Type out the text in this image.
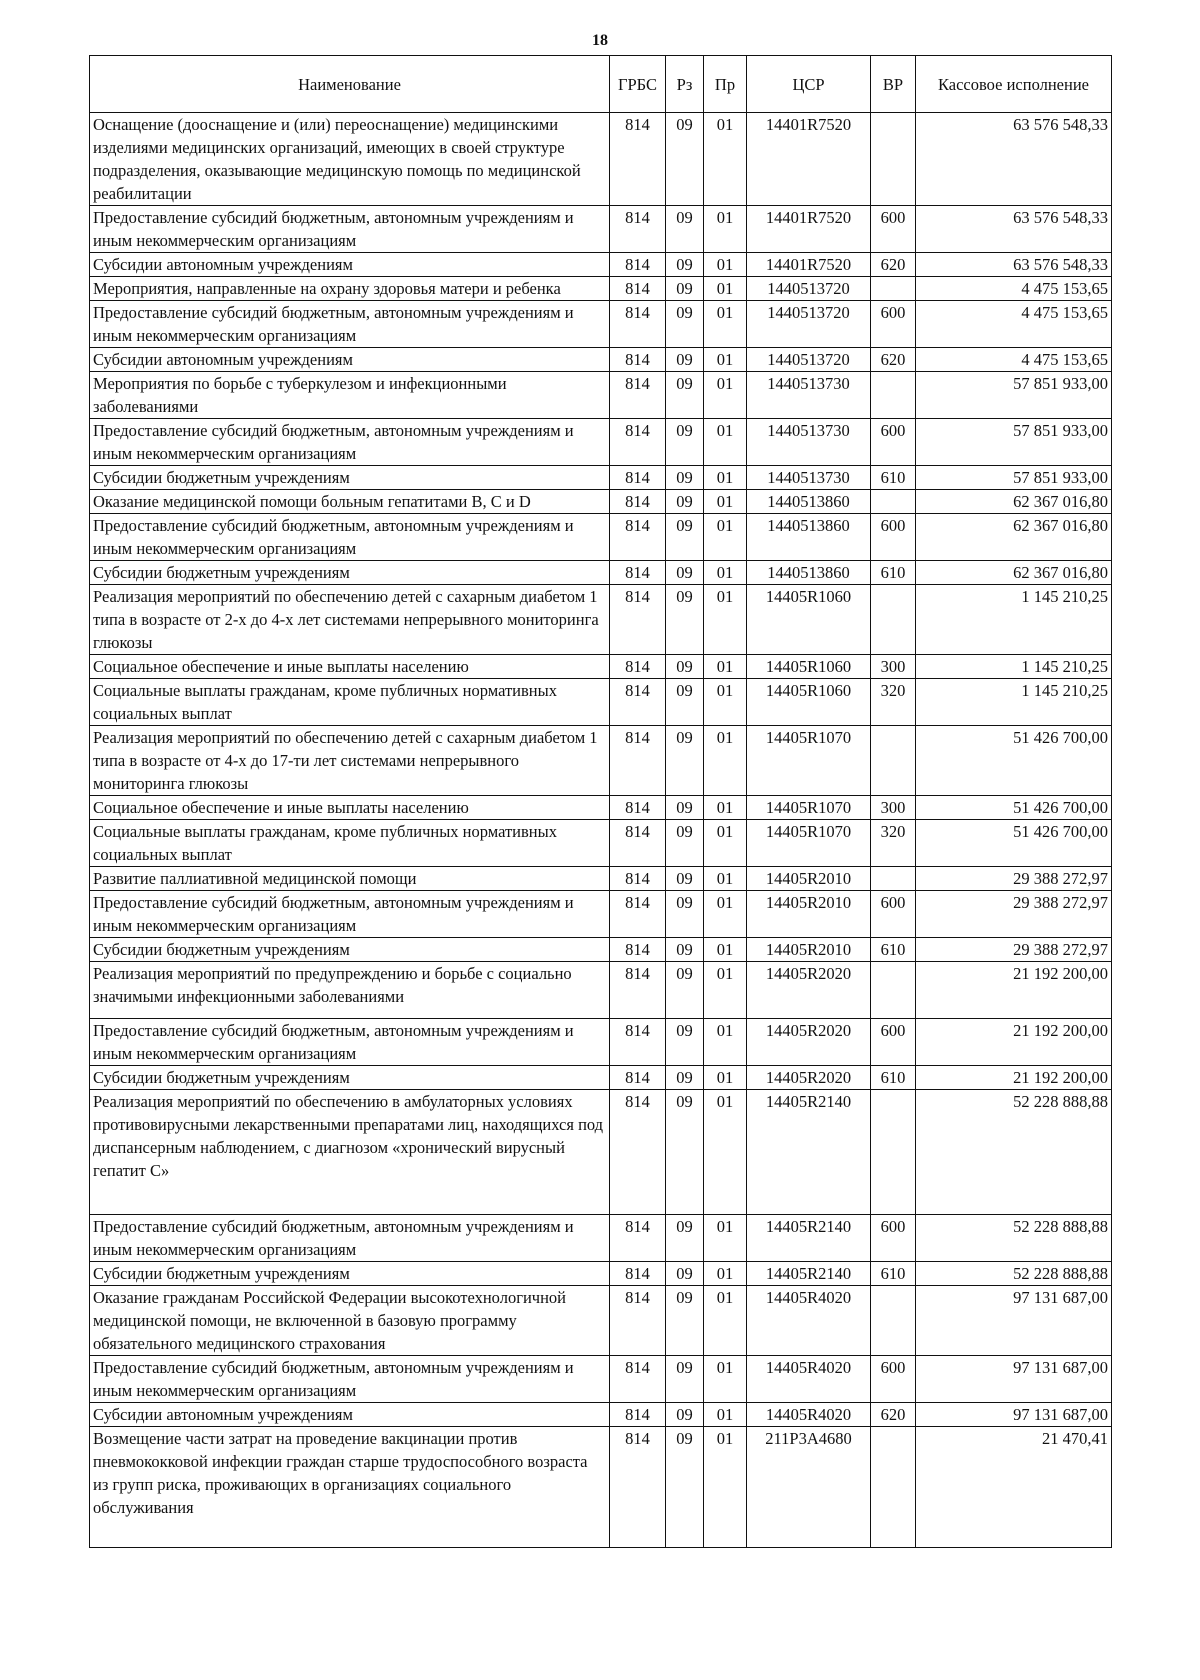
18
Наименование	ГРБС	Рз	Пр	ЦСР	ВР	Кассовое исполнение
Оснащение (дооснащение и (или) переоснащение) медицинскими изделиями медицинских организаций, имеющих в своей структуре подразделения, оказывающие медицинскую помощь по медицинской реабилитации	814	09	01	14401R7520		63 576 548,33
Предоставление субсидий бюджетным, автономным учреждениям и иным некоммерческим организациям	814	09	01	14401R7520	600	63 576 548,33
Субсидии автономным учреждениям	814	09	01	14401R7520	620	63 576 548,33
Мероприятия, направленные на охрану здоровья матери и ребенка	814	09	01	1440513720		4 475 153,65
Предоставление субсидий бюджетным, автономным учреждениям и иным некоммерческим организациям	814	09	01	1440513720	600	4 475 153,65
Субсидии автономным учреждениям	814	09	01	1440513720	620	4 475 153,65
Мероприятия по борьбе с туберкулезом и инфекционными заболеваниями	814	09	01	1440513730		57 851 933,00
Предоставление субсидий бюджетным, автономным учреждениям и иным некоммерческим организациям	814	09	01	1440513730	600	57 851 933,00
Субсидии бюджетным учреждениям	814	09	01	1440513730	610	57 851 933,00
Оказание медицинской помощи больным гепатитами B, C и D	814	09	01	1440513860		62 367 016,80
Предоставление субсидий бюджетным, автономным учреждениям и иным некоммерческим организациям	814	09	01	1440513860	600	62 367 016,80
Субсидии бюджетным учреждениям	814	09	01	1440513860	610	62 367 016,80
Реализация мероприятий по обеспечению детей с сахарным диабетом 1 типа в возрасте от 2-х до 4-х лет системами непрерывного мониторинга глюкозы	814	09	01	14405R1060		1 145 210,25
Социальное обеспечение и иные выплаты населению	814	09	01	14405R1060	300	1 145 210,25
Социальные выплаты гражданам, кроме публичных нормативных социальных выплат	814	09	01	14405R1060	320	1 145 210,25
Реализация мероприятий по обеспечению детей с сахарным диабетом 1 типа в возрасте от 4-х до 17-ти лет системами непрерывного мониторинга глюкозы	814	09	01	14405R1070		51 426 700,00
Социальное обеспечение и иные выплаты населению	814	09	01	14405R1070	300	51 426 700,00
Социальные выплаты гражданам, кроме публичных нормативных социальных выплат	814	09	01	14405R1070	320	51 426 700,00
Развитие паллиативной медицинской помощи	814	09	01	14405R2010		29 388 272,97
Предоставление субсидий бюджетным, автономным учреждениям и иным некоммерческим организациям	814	09	01	14405R2010	600	29 388 272,97
Субсидии бюджетным учреждениям	814	09	01	14405R2010	610	29 388 272,97
Реализация мероприятий по предупреждению и борьбе с социально значимыми инфекционными заболеваниями	814	09	01	14405R2020		21 192 200,00
Предоставление субсидий бюджетным, автономным учреждениям и иным некоммерческим организациям	814	09	01	14405R2020	600	21 192 200,00
Субсидии бюджетным учреждениям	814	09	01	14405R2020	610	21 192 200,00
Реализация мероприятий по обеспечению в амбулаторных условиях противовирусными лекарственными препаратами лиц, находящихся под диспансерным наблюдением, с диагнозом «хронический вирусный гепатит С»	814	09	01	14405R2140		52 228 888,88
Предоставление субсидий бюджетным, автономным учреждениям и иным некоммерческим организациям	814	09	01	14405R2140	600	52 228 888,88
Субсидии бюджетным учреждениям	814	09	01	14405R2140	610	52 228 888,88
Оказание гражданам Российской Федерации высокотехнологичной медицинской помощи, не включенной в базовую программу обязательного медицинского страхования	814	09	01	14405R4020		97 131 687,00
Предоставление субсидий бюджетным, автономным учреждениям и иным некоммерческим организациям	814	09	01	14405R4020	600	97 131 687,00
Субсидии автономным учреждениям	814	09	01	14405R4020	620	97 131 687,00
Возмещение части затрат на проведение вакцинации против пневмококковой инфекции граждан старше трудоспособного возраста из групп риска, проживающих в организациях социального обслуживания	814	09	01	211P3A4680		21 470,41
